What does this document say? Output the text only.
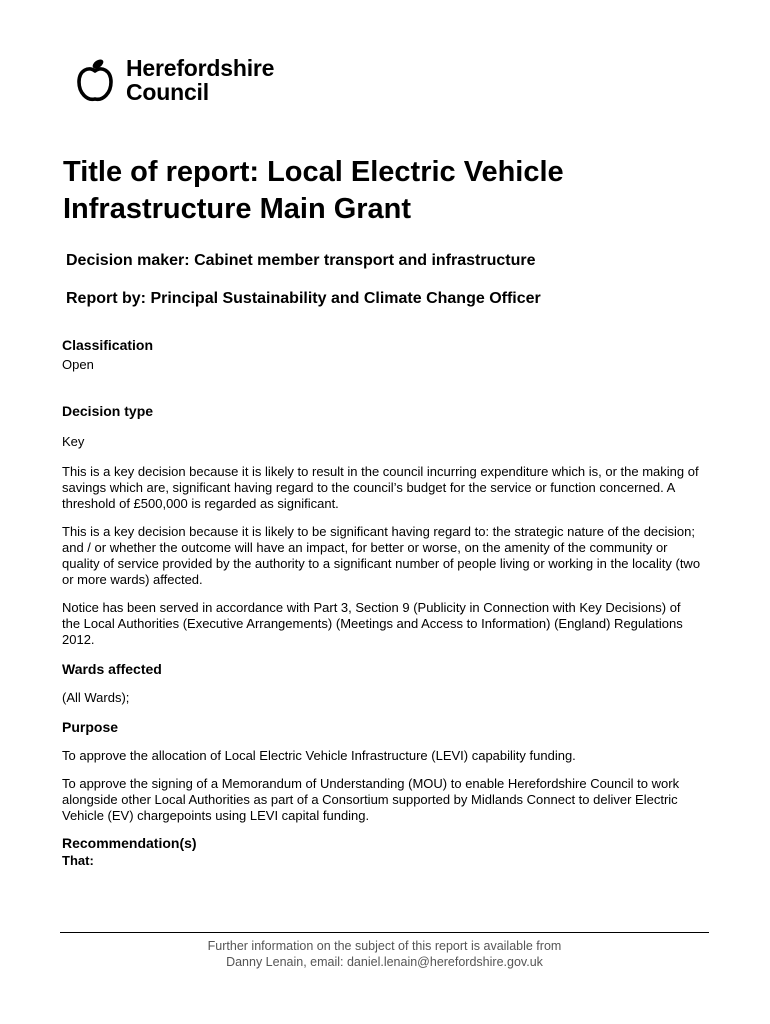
Herefordshire
Council
Title of report: Local Electric Vehicle Infrastructure Main Grant
Decision maker: Cabinet member transport and infrastructure
Report by: Principal Sustainability and Climate Change Officer
Classification
Open
Decision type
Key
This is a key decision because it is likely to result in the council incurring expenditure which is, or the making of savings which are, significant having regard to the council’s budget for the service or function concerned. A threshold of £500,000 is regarded as significant.
This is a key decision because it is likely to be significant having regard to: the strategic nature of the decision; and / or whether the outcome will have an impact, for better or worse, on the amenity of the community or quality of service provided by the authority to a significant number of people living or working in the locality (two or more wards) affected.
Notice has been served in accordance with Part 3, Section 9 (Publicity in Connection with Key Decisions) of the Local Authorities (Executive Arrangements) (Meetings and Access to Information) (England) Regulations 2012.
Wards affected
(All Wards);
Purpose
To approve the allocation of Local Electric Vehicle Infrastructure (LEVI) capability funding.
To approve the signing of a Memorandum of Understanding (MOU) to enable Herefordshire Council to work alongside other Local Authorities as part of a Consortium supported by Midlands Connect to deliver Electric Vehicle (EV) chargepoints using LEVI capital funding.
Recommendation(s)
That:
Further information on the subject of this report is available from
Danny Lenain, email: daniel.lenain@herefordshire.gov.uk
